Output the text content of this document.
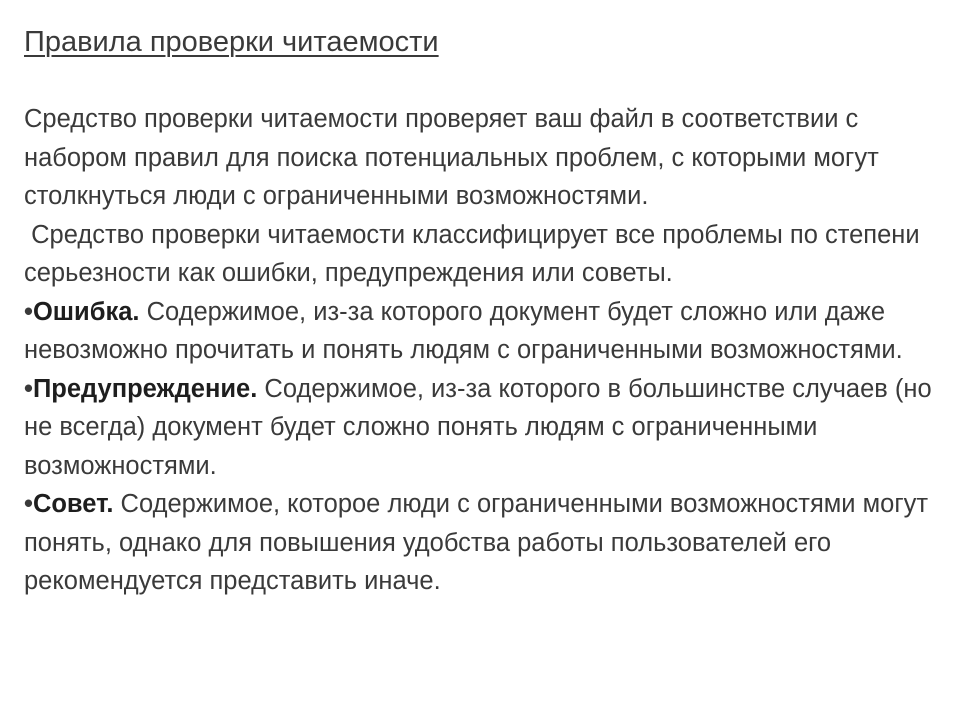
Правила проверки читаемости

Средство проверки читаемости проверяет ваш файл в соответствии с набором правил для поиска потенциальных проблем, с которыми могут столкнуться люди с ограниченными возможностями.

Средство проверки читаемости классифицирует все проблемы по степени серьезности как ошибки, предупреждения или советы.

•Ошибка. Содержимое, из-за которого документ будет сложно или даже невозможно прочитать и понять людям с ограниченными возможностями.

•Предупреждение. Содержимое, из-за которого в большинстве случаев (но не всегда) документ будет сложно понять людям с ограниченными возможностями.

•Совет. Содержимое, которое люди с ограниченными возможностями могут понять, однако для повышения удобства работы пользователей его рекомендуется представить иначе.
